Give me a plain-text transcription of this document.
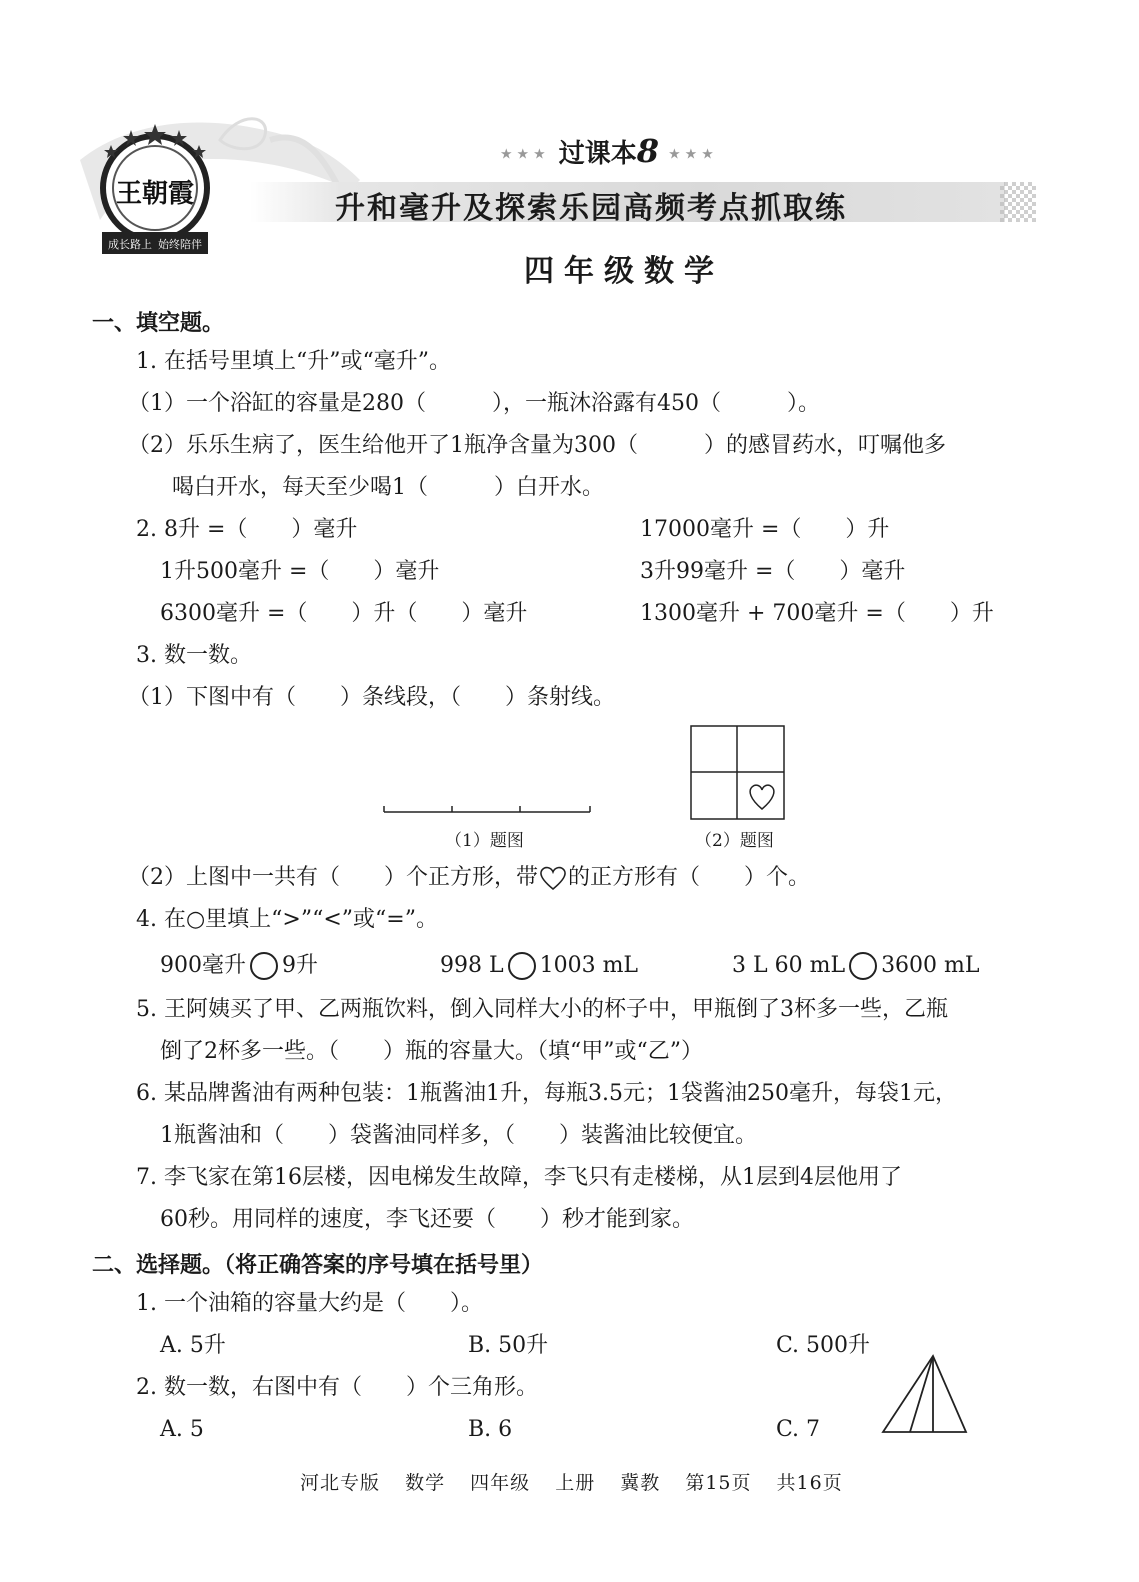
王朝霞
成长路上 始终陪伴
★★★ 过课本8 ★★★
升和毫升及探索乐园高频考点抓取练
四年级数学
一、填空题。
1. 在括号里填上“升”或“毫升”。
（1）一个浴缸的容量是280（　　　），一瓶沐浴露有450（　　　）。
（2）乐乐生病了，医生给他开了1瓶净含量为300（　　　）的感冒药水，叮嘱他多
喝白开水，每天至少喝1（　　　）白开水。
2. 8升 =（　　）毫升	17000毫升 =（　　）升
1升500毫升 =（　　）毫升	3升99毫升 =（　　）毫升
6300毫升 =（　　）升（　　）毫升	1300毫升 + 700毫升 =（　　）升
3. 数一数。
（1）下图中有（　　）条线段，（　　）条射线。
（1）题图	（2）题图
（2）上图中一共有（　　）个正方形，带 的正方形有（　　）个。
4. 在○里填上“>”“<”或“=”。
900毫升 9升	998 L 1003 mL	3 L 60 mL 3600 mL
5. 王阿姨买了甲、乙两瓶饮料，倒入同样大小的杯子中，甲瓶倒了3杯多一些，乙瓶
倒了2杯多一些。（　　）瓶的容量大。（填“甲”或“乙”）
6. 某品牌酱油有两种包装：1瓶酱油1升，每瓶3.5元；1袋酱油250毫升，每袋1元，
1瓶酱油和（　　）袋酱油同样多，（　　）装酱油比较便宜。
7. 李飞家在第16层楼，因电梯发生故障，李飞只有走楼梯，从1层到4层他用了
60秒。用同样的速度，李飞还要（　　）秒才能到家。
二、选择题。（将正确答案的序号填在括号里）
1. 一个油箱的容量大约是（　　）。
A. 5升	B. 50升	C. 500升
2. 数一数，右图中有（　　）个三角形。
A. 5	B. 6	C. 7
河北专版 数学 四年级 上册 冀教 第15页 共16页
